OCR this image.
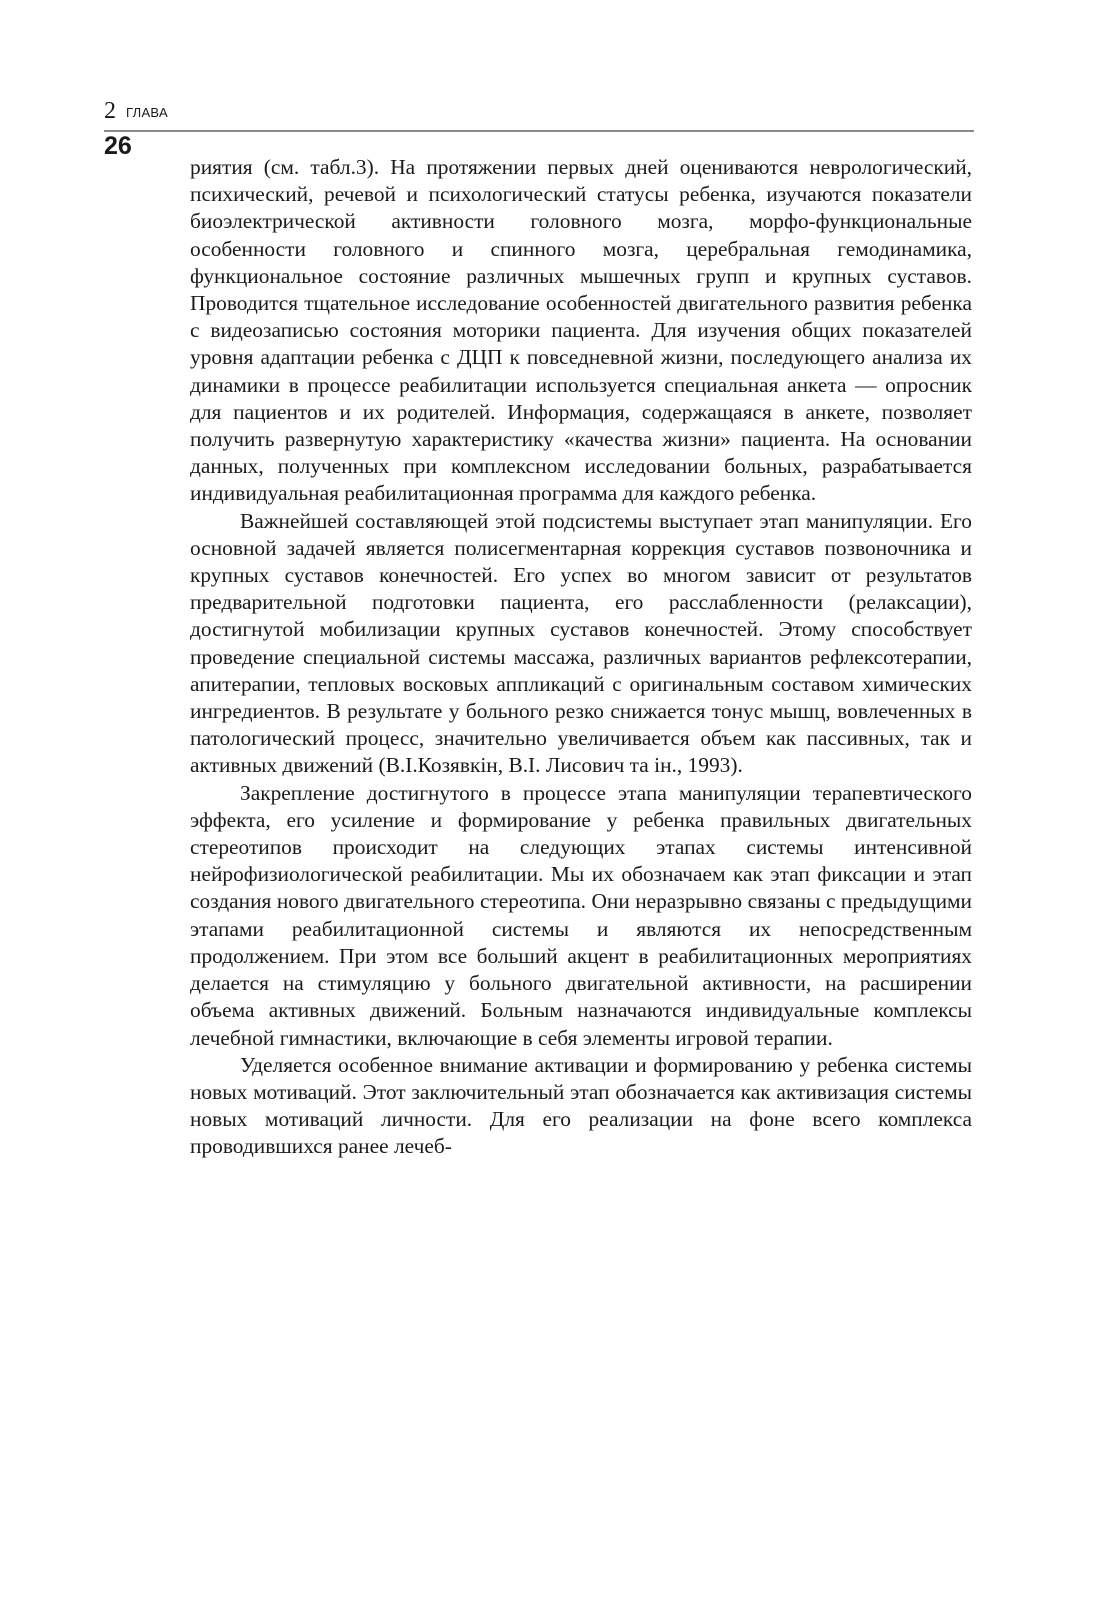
2 ГЛАВА
26

риятия (см. табл.3). На протяжении первых дней оцениваются неврологический, психический, речевой и психологический статусы ребенка, изучаются показатели биоэлектрической активности головного мозга, морфо-функциональные особенности головного и спинного мозга, церебральная гемодинамика, функциональное состояние различных мышечных групп и крупных суставов. Проводится тщательное исследование особенностей двигательного развития ребенка с видеозаписью состояния моторики пациента. Для изучения общих показателей уровня адаптации ребенка с ДЦП к повседневной жизни, последующего анализа их динамики в процессе реабилитации используется специальная анкета — опросник для пациентов и их родителей. Информация, содержащаяся в анкете, позволяет получить развернутую характеристику «качества жизни» пациента. На основании данных, полученных при комплексном исследовании больных, разрабатывается индивидуальная реабилитационная программа для каждого ребенка.

Важнейшей составляющей этой подсистемы выступает этап манипуляции. Его основной задачей является полисегментарная коррекция суставов позвоночника и крупных суставов конечностей. Его успех во многом зависит от результатов предварительной подготовки пациента, его расслабленности (релаксации), достигнутой мобилизации крупных суставов конечностей. Этому способствует проведение специальной системы массажа, различных вариантов рефлексотерапии, апитерапии, тепловых восковых аппликаций с оригинальным составом химических ингредиентов. В результате у больного резко снижается тонус мышц, вовлеченных в патологический процесс, значительно увеличивается объем как пассивных, так и активных движений (В.І.Козявкін, В.І. Лисович та ін., 1993).

Закрепление достигнутого в процессе этапа манипуляции терапевтического эффекта, его усиление и формирование у ребенка правильных двигательных стереотипов происходит на следующих этапах системы интенсивной нейрофизиологической реабилитации. Мы их обозначаем как этап фиксации и этап создания нового двигательного стереотипа. Они неразрывно связаны с предыдущими этапами реабилитационной системы и являются их непосредственным продолжением. При этом все больший акцент в реабилитационных мероприятиях делается на стимуляцию у больного двигательной активности, на расширении объема активных движений. Больным назначаются индивидуальные комплексы лечебной гимнастики, включающие в себя элементы игровой терапии.

Уделяется особенное внимание активации и формированию у ребенка системы новых мотиваций. Этот заключительный этап обозначается как активизация системы новых мотиваций личности. Для его реализации на фоне всего комплекса проводившихся ранее лечеб-
